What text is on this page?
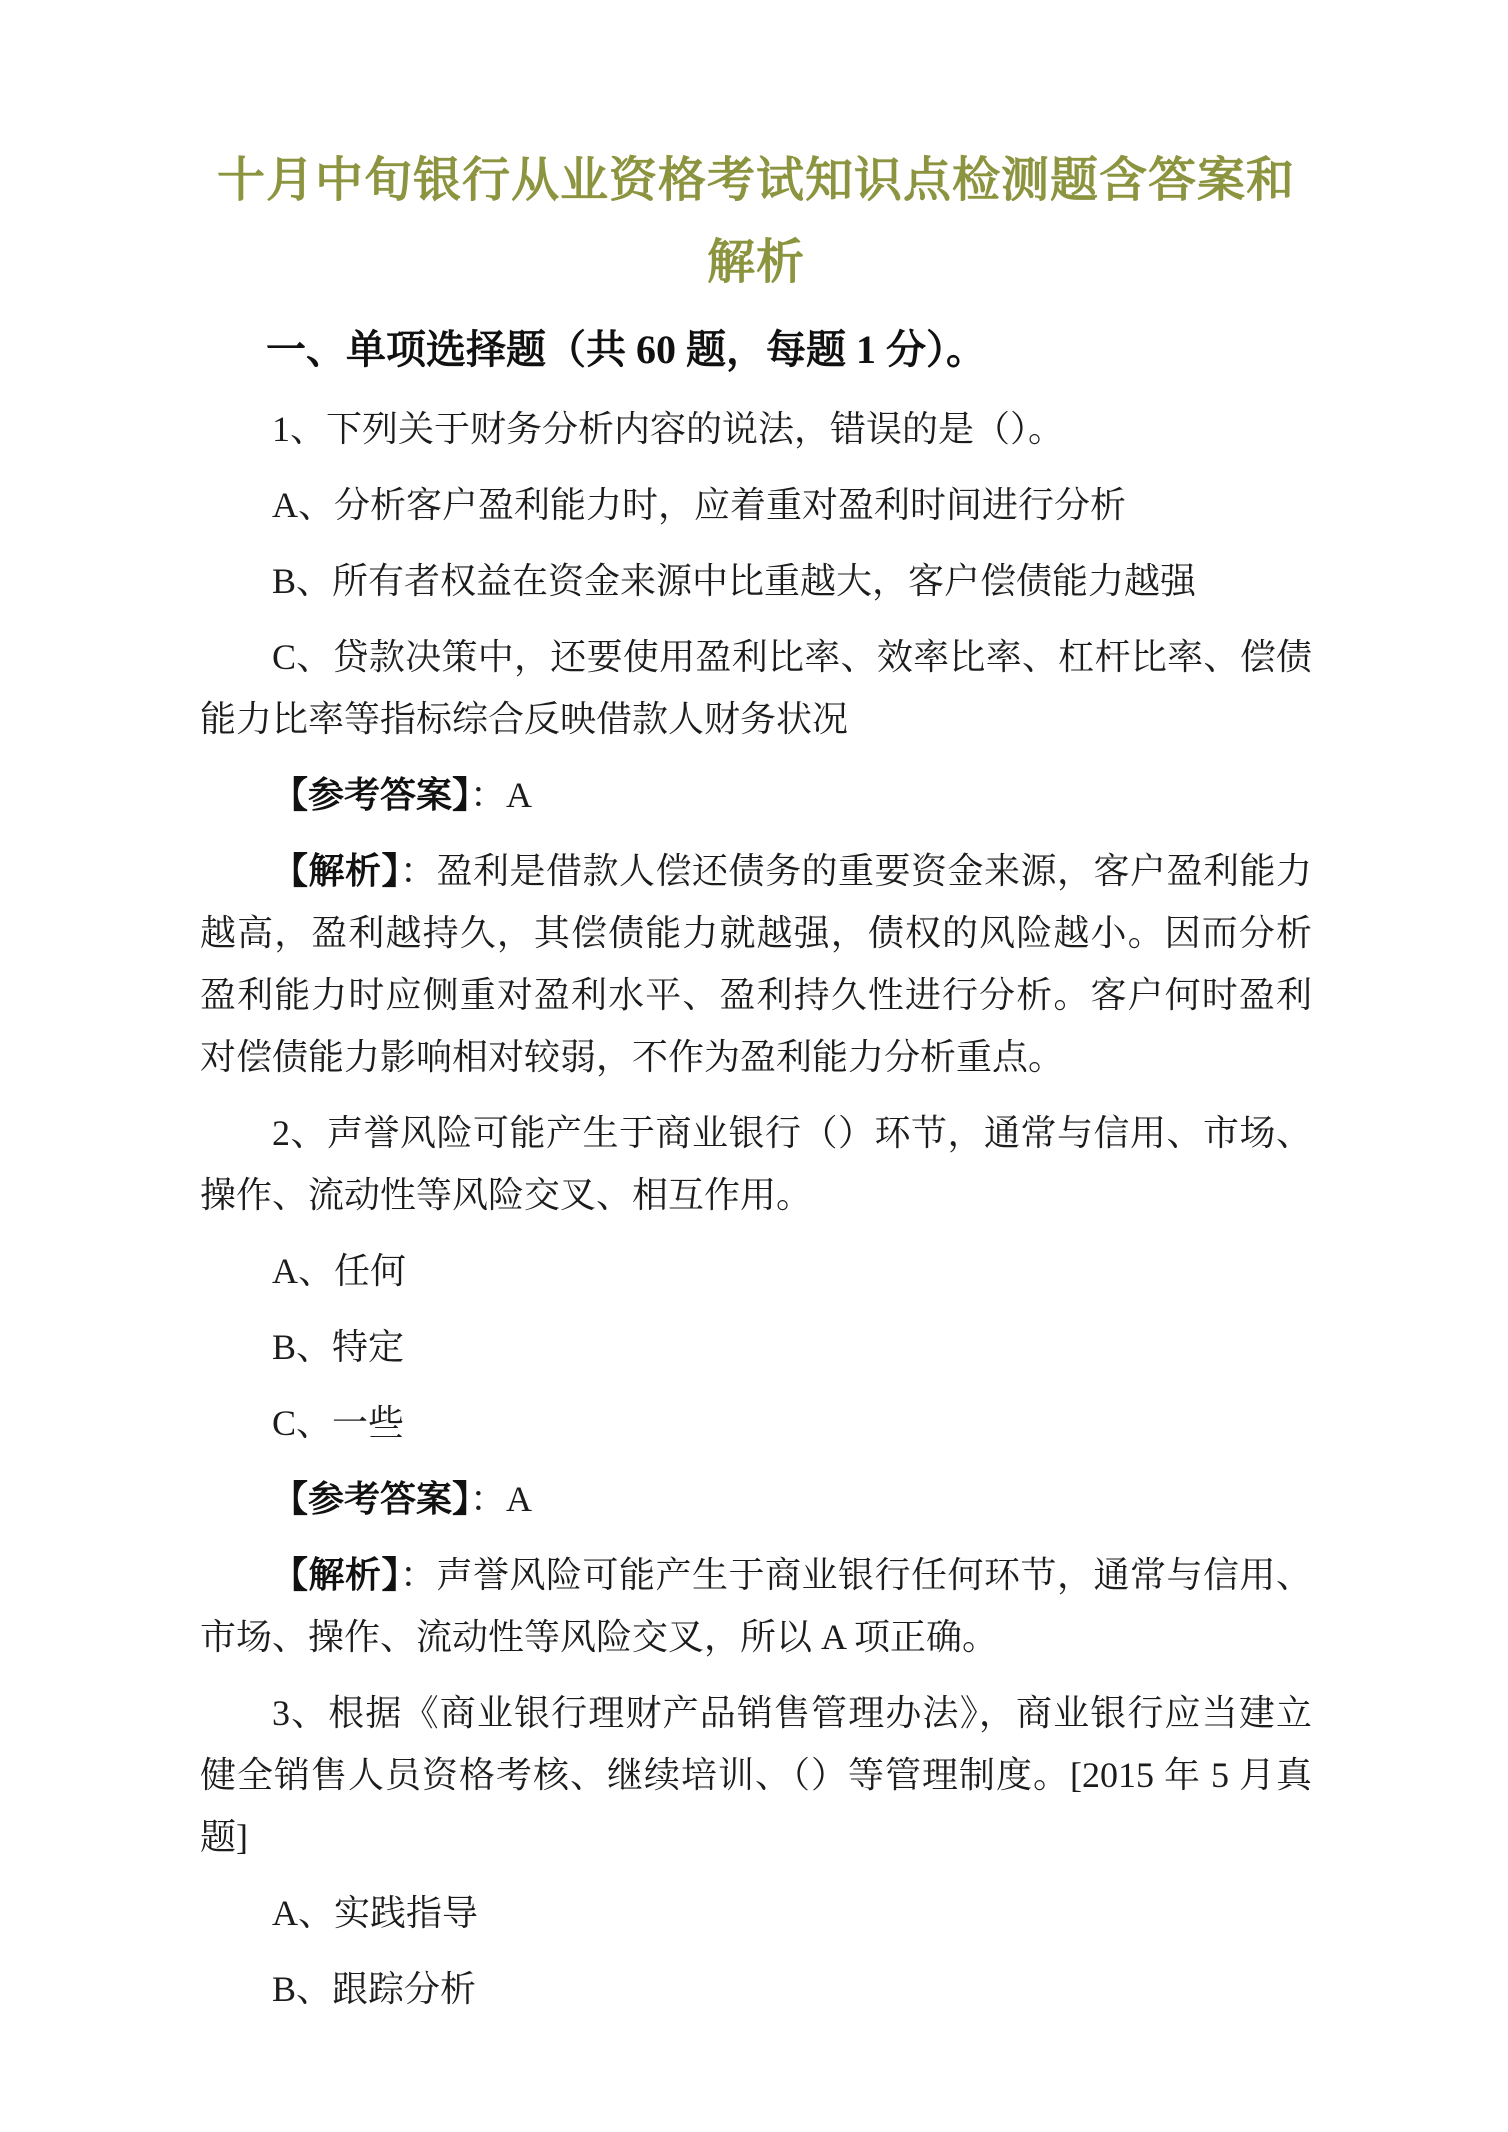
十月中旬银行从业资格考试知识点检测题含答案和解析
一、单项选择题（共 60 题，每题 1 分）。

1、下列关于财务分析内容的说法，错误的是（）。

A、分析客户盈利能力时，应着重对盈利时间进行分析

B、所有者权益在资金来源中比重越大，客户偿债能力越强

C、贷款决策中，还要使用盈利比率、效率比率、杠杆比率、偿债能力比率等指标综合反映借款人财务状况

【参考答案】：A

【解析】：盈利是借款人偿还债务的重要资金来源，客户盈利能力越高，盈利越持久，其偿债能力就越强，债权的风险越小。因而分析盈利能力时应侧重对盈利水平、盈利持久性进行分析。客户何时盈利对偿债能力影响相对较弱，不作为盈利能力分析重点。

2、声誉风险可能产生于商业银行（）环节，通常与信用、市场、操作、流动性等风险交叉、相互作用。

A、任何

B、特定

C、一些

【参考答案】：A

【解析】：声誉风险可能产生于商业银行任何环节，通常与信用、市场、操作、流动性等风险交叉，所以 A 项正确。

3、根据《商业银行理财产品销售管理办法》，商业银行应当建立健全销售人员资格考核、继续培训、（）等管理制度。[2015 年 5 月真题]

A、实践指导

B、跟踪分析
